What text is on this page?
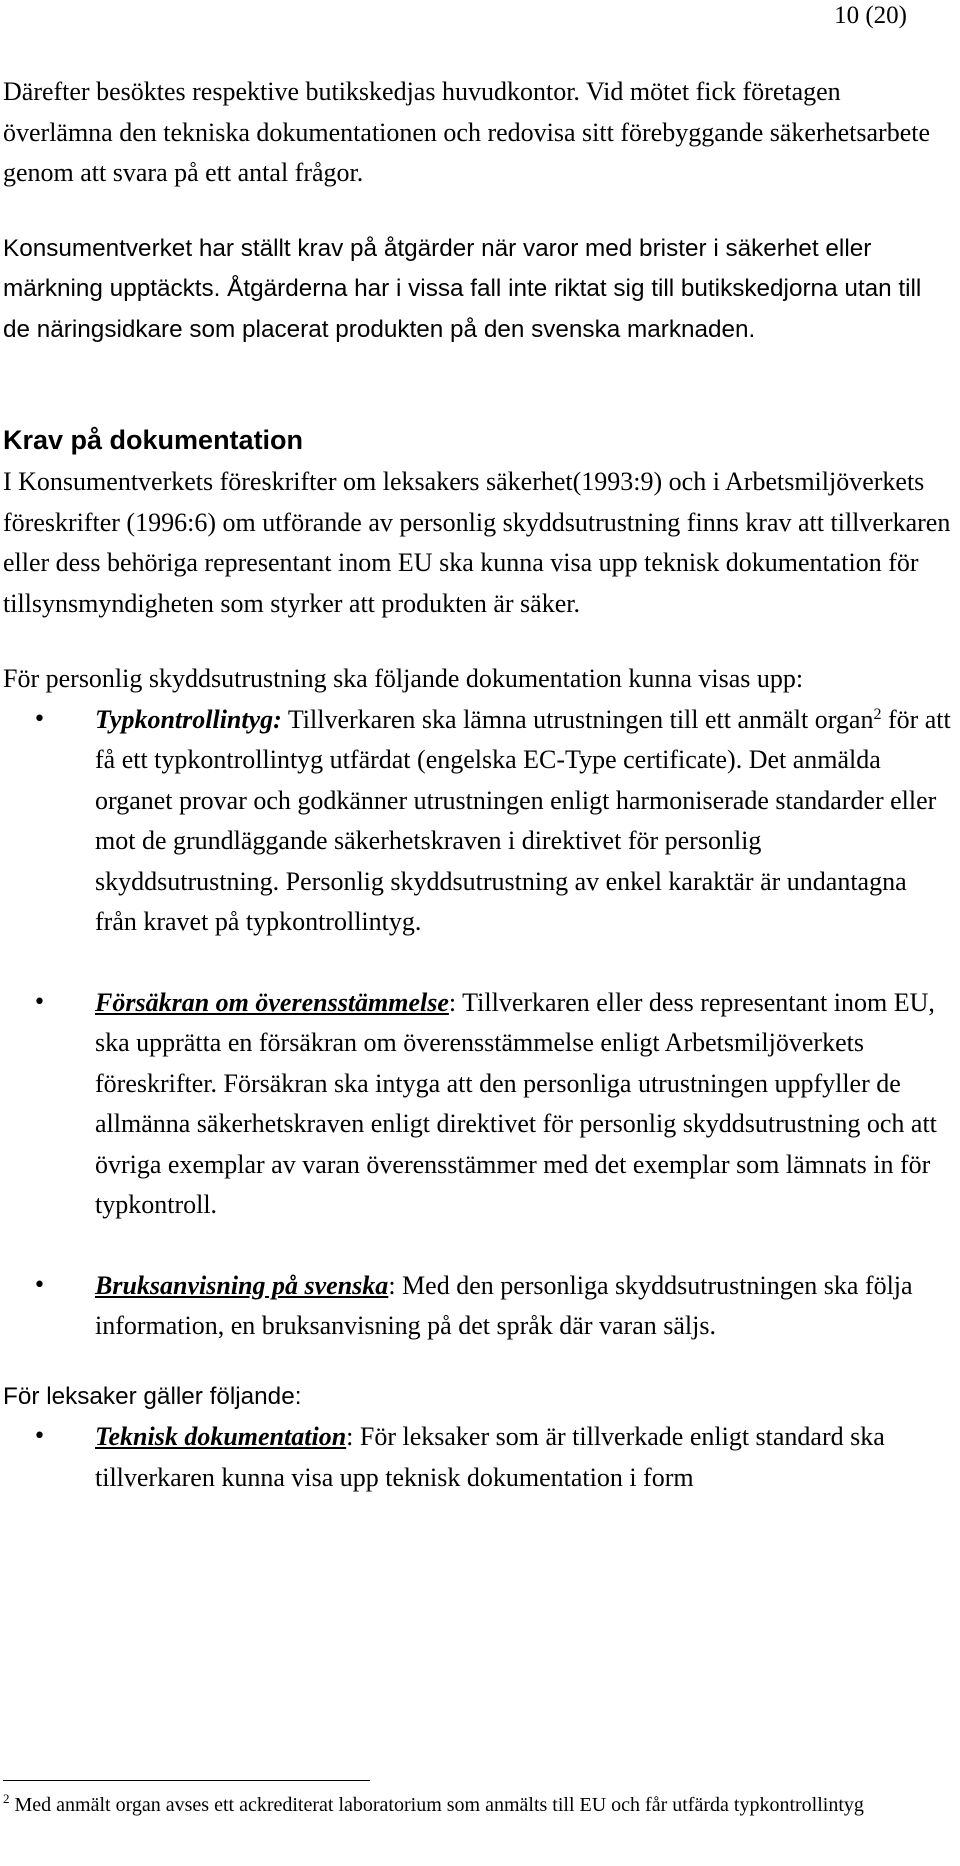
10 (20)

Därefter besöktes respektive butikskedjas huvudkontor. Vid mötet fick företagen överlämna den tekniska dokumentationen och redovisa sitt förebyggande säkerhetsarbete genom att svara på ett antal frågor.

Konsumentverket har ställt krav på åtgärder när varor med brister i säkerhet eller märkning upptäckts. Åtgärderna har i vissa fall inte riktat sig till butikskedjorna utan till de näringsidkare som placerat produkten på den svenska marknaden.

Krav på dokumentation

I Konsumentverkets föreskrifter om leksakers säkerhet(1993:9) och i Arbetsmiljöverkets föreskrifter (1996:6) om utförande av personlig skyddsutrustning finns krav att tillverkaren eller dess behöriga representant inom EU ska kunna visa upp teknisk dokumentation för tillsynsmyndigheten som styrker att produkten är säker.

För personlig skyddsutrustning ska följande dokumentation kunna visas upp:

• Typkontrollintyg: Tillverkaren ska lämna utrustningen till ett anmält organ$^2$ för att få ett typkontrollintyg utfärdat (engelska EC-Type certificate). Det anmälda organet provar och godkänner utrustningen enligt harmoniserade standarder eller mot de grundläggande säkerhetskraven i direktivet för personlig skyddsutrustning. Personlig skyddsutrustning av enkel karaktär är undantagna från kravet på typkontrollintyg.
• Försäkran om överensstämmelse: Tillverkaren eller dess representant inom EU, ska upprätta en försäkran om överensstämmelse enligt Arbetsmiljöverkets föreskrifter. Försäkran ska intyga att den personliga utrustningen uppfyller de allmänna säkerhetskraven enligt direktivet för personlig skyddsutrustning och att övriga exemplar av varan överensstämmer med det exemplar som lämnats in för typkontroll.
• Bruksanvisning på svenska: Med den personliga skyddsutrustningen ska följa information, en bruksanvisning på det språk där varan säljs.

För leksaker gäller följande:

• Teknisk dokumentation: För leksaker som är tillverkade enligt standard ska tillverkaren kunna visa upp teknisk dokumentation i form
$^2$ Med anmält organ avses ett ackrediterat laboratorium som anmälts till EU och får utfärda typkontrollintyg
